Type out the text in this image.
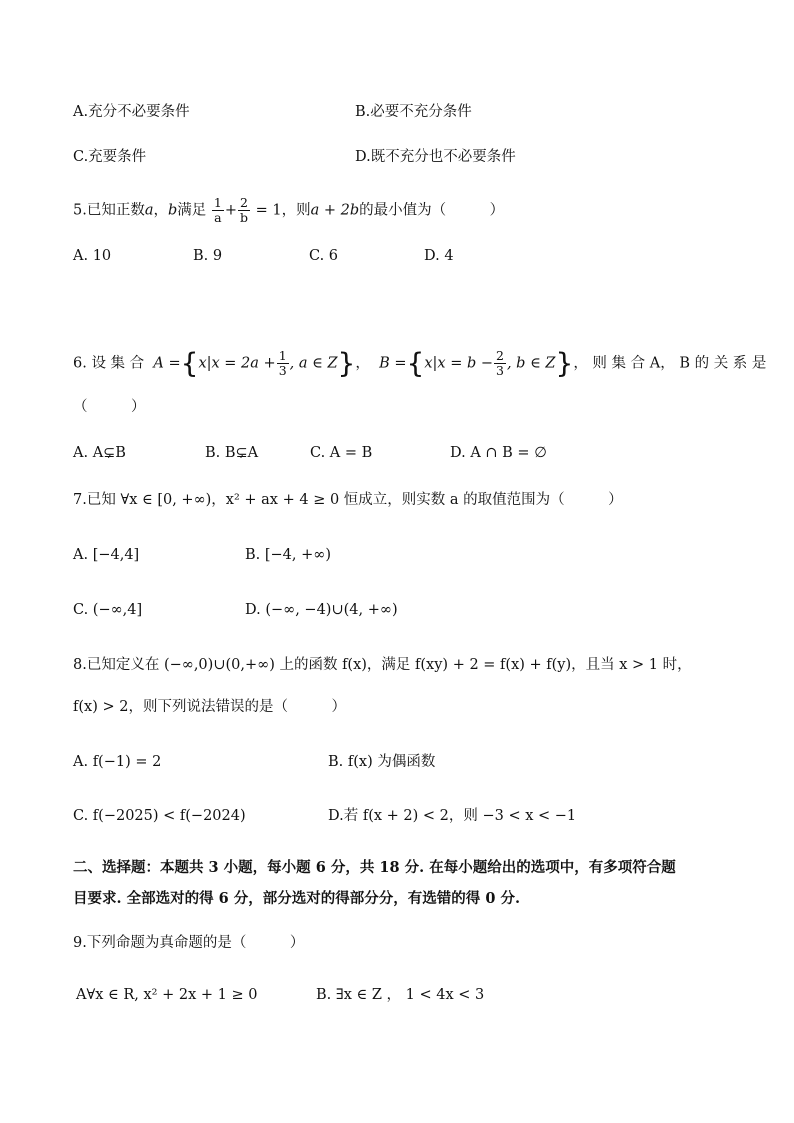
A.充分不必要条件	B.必要不充分条件
C.充要条件	D.既不充分也不必要条件
5.已知正数a，b满足 $\frac{1}{a} + \frac{2}{b} = 1$，则a + 2b的最小值为（　　　）
A. 10	B. 9	C. 6	D. 4
6. 设 集 合 $A =\{x|x = 2a + \frac{1}{3}$ , a ∈ Z}， $B =\{x|x = b - \frac{2}{3}$ , b ∈ Z}， 则 集 合 A， B 的 关 系 是
（　　　）
A. A⊊B	B. B⊊A	C. A = B	D. A ∩ B = ∅
7.已知 ∀x ∈ [0, +∞)，x² + ax + 4 ≥ 0 恒成立，则实数 a 的取值范围为（　　　）
A. [−4,4]	B. [−4, +∞)
C. (−∞,4]	D. (−∞, −4)∪(4, +∞)
8.已知定义在 (−∞,0)∪(0,+∞) 上的函数 f(x)，满足 f(xy) + 2 = f(x) + f(y)，且当 x > 1 时，
f(x) > 2，则下列说法错误的是（　　　）
A. f(−1) = 2	B. f(x) 为偶函数
C. f(−2025) < f(−2024)	D.若 f(x + 2) < 2，则 −3 < x < −1
二、选择题：本题共 3 小题，每小题 6 分，共 18 分. 在每小题给出的选项中，有多项符合题
目要求. 全部选对的得 6 分，部分选对的得部分分，有选错的得 0 分.
9.下列命题为真命题的是（　　　）
A∀x ∈ R, x² + 2x + 1 ≥ 0	B. ∃x ∈ Z ， 1 < 4x < 3
